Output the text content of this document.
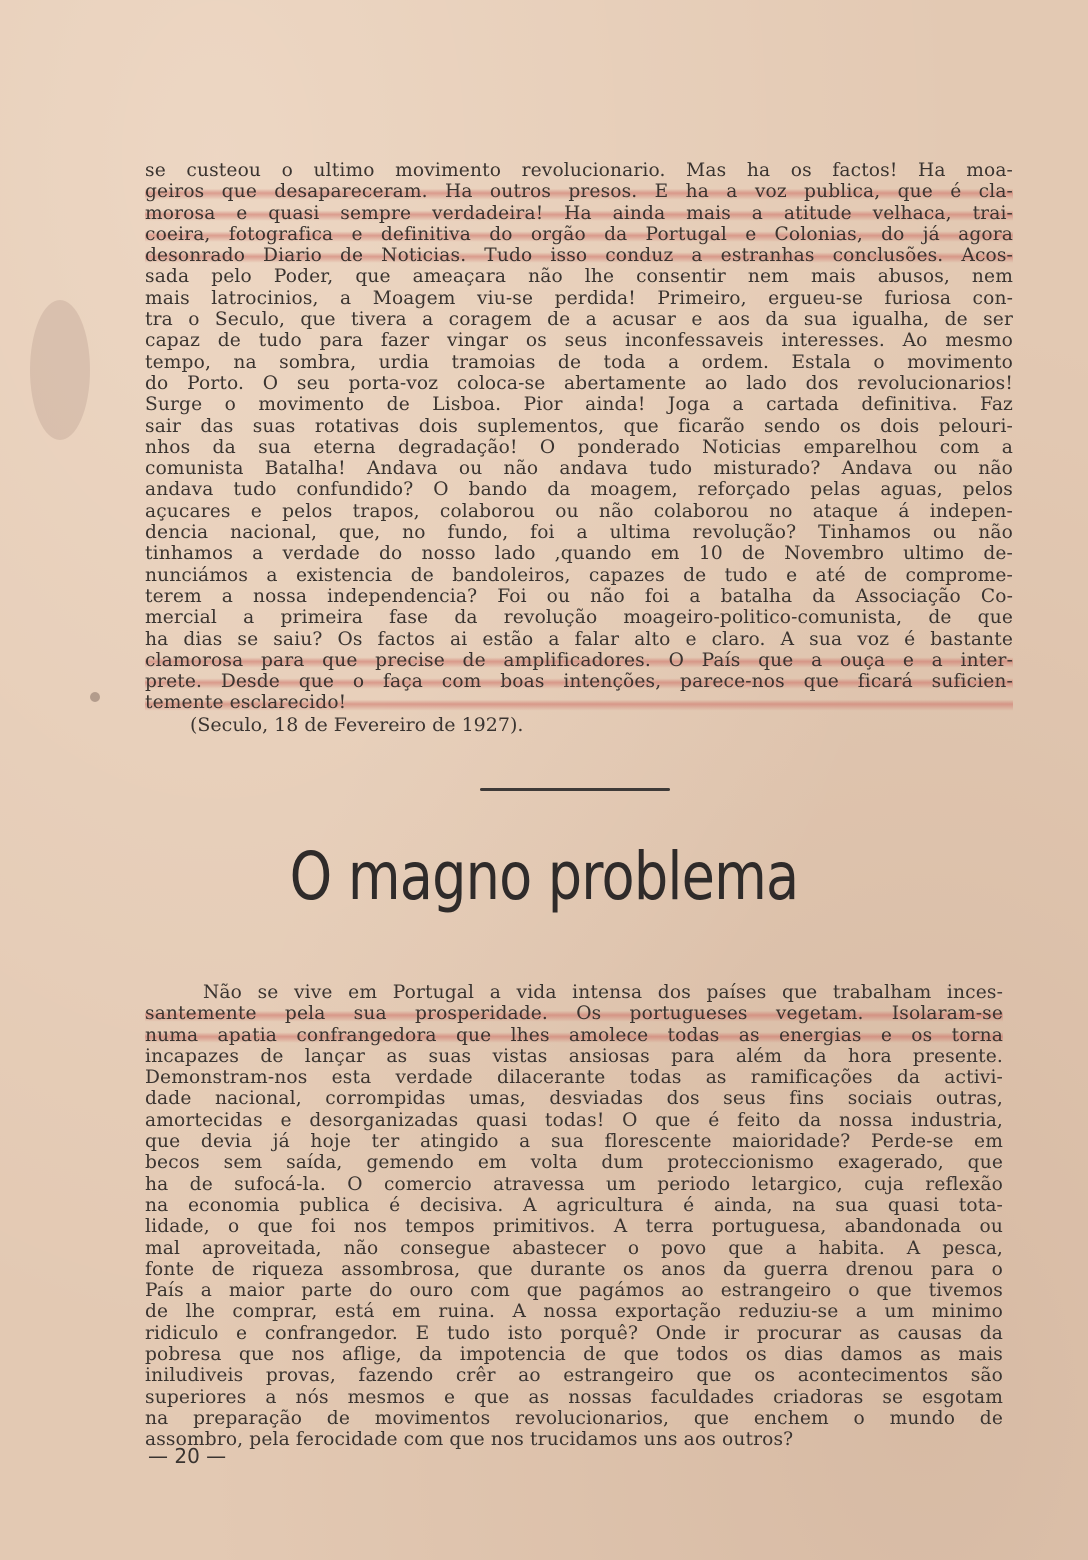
se custeou o ultimo movimento revolucionario. Mas ha os factos! Ha moa-
geiros que desapareceram. Ha outros presos. E ha a voz publica, que é cla-
morosa e quasi sempre verdadeira! Ha ainda mais a atitude velhaca, trai-
coeira, fotografica e definitiva do orgão da Portugal e Colonias, do já agora
desonrado Diario de Noticias. Tudo isso conduz a estranhas conclusões. Acos-
sada pelo Poder, que ameaçara não lhe consentir nem mais abusos, nem
mais latrocinios, a Moagem viu-se perdida! Primeiro, ergueu-se furiosa con-
tra o Seculo, que tivera a coragem de a acusar e aos da sua igualha, de ser
capaz de tudo para fazer vingar os seus inconfessaveis interesses. Ao mesmo
tempo, na sombra, urdia tramoias de toda a ordem. Estala o movimento
do Porto. O seu porta-voz coloca-se abertamente ao lado dos revolucionarios!
Surge o movimento de Lisboa. Pior ainda! Joga a cartada definitiva. Faz
sair das suas rotativas dois suplementos, que ficarão sendo os dois pelouri-
nhos da sua eterna degradação! O ponderado Noticias emparelhou com a
comunista Batalha! Andava ou não andava tudo misturado? Andava ou não
andava tudo confundido? O bando da moagem, reforçado pelas aguas, pelos
açucares e pelos trapos, colaborou ou não colaborou no ataque á indepen-
dencia nacional, que, no fundo, foi a ultima revolução? Tinhamos ou não
tinhamos a verdade do nosso lado ,quando em 10 de Novembro ultimo de-
nunciámos a existencia de bandoleiros, capazes de tudo e até de comprome-
terem a nossa independencia? Foi ou não foi a batalha da Associação Co-
mercial a primeira fase da revolução moageiro-politico-comunista, de que
ha dias se saiu? Os factos ai estão a falar alto e claro. A sua voz é bastante
clamorosa para que precise de amplificadores. O País que a ouça e a inter-
prete. Desde que o faça com boas intenções, parece-nos que ficará suficien-
temente esclarecido!
(Seculo, 18 de Fevereiro de 1927).
O magno problema
Não se vive em Portugal a vida intensa dos países que trabalham inces-
santemente pela sua prosperidade. Os portugueses vegetam. Isolaram-se
numa apatia confrangedora que lhes amolece todas as energias e os torna
incapazes de lançar as suas vistas ansiosas para além da hora presente.
Demonstram-nos esta verdade dilacerante todas as ramificações da activi-
dade nacional, corrompidas umas, desviadas dos seus fins sociais outras,
amortecidas e desorganizadas quasi todas! O que é feito da nossa industria,
que devia já hoje ter atingido a sua florescente maioridade? Perde-se em
becos sem saída, gemendo em volta dum proteccionismo exagerado, que
ha de sufocá-la. O comercio atravessa um periodo letargico, cuja reflexão
na economia publica é decisiva. A agricultura é ainda, na sua quasi tota-
lidade, o que foi nos tempos primitivos. A terra portuguesa, abandonada ou
mal aproveitada, não consegue abastecer o povo que a habita. A pesca,
fonte de riqueza assombrosa, que durante os anos da guerra drenou para o
País a maior parte do ouro com que pagámos ao estrangeiro o que tivemos
de lhe comprar, está em ruina. A nossa exportação reduziu-se a um minimo
ridiculo e confrangedor. E tudo isto porquê? Onde ir procurar as causas da
pobresa que nos aflige, da impotencia de que todos os dias damos as mais
iniludiveis provas, fazendo crêr ao estrangeiro que os acontecimentos são
superiores a nós mesmos e que as nossas faculdades criadoras se esgotam
na preparação de movimentos revolucionarios, que enchem o mundo de
assombro, pela ferocidade com que nos trucidamos uns aos outros?
— 20 —
